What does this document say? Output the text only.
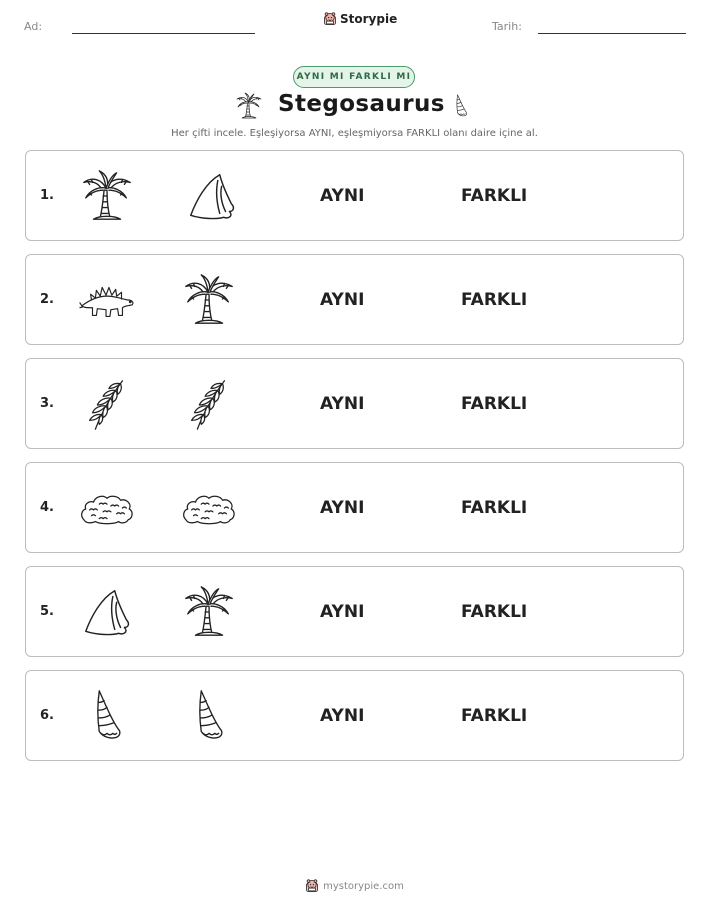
Ad:
Storypie
Tarih:
AYNI MI FARKLI MI
Stegosaurus
Her çifti incele. Eşleşiyorsa AYNI, eşleşmiyorsa FARKLI olanı daire içine al.
1.	AYNI	FARKLI
2.	AYNI	FARKLI
3.	AYNI	FARKLI
4.	AYNI	FARKLI
5.	AYNI	FARKLI
6.	AYNI	FARKLI
mystorypie.com
